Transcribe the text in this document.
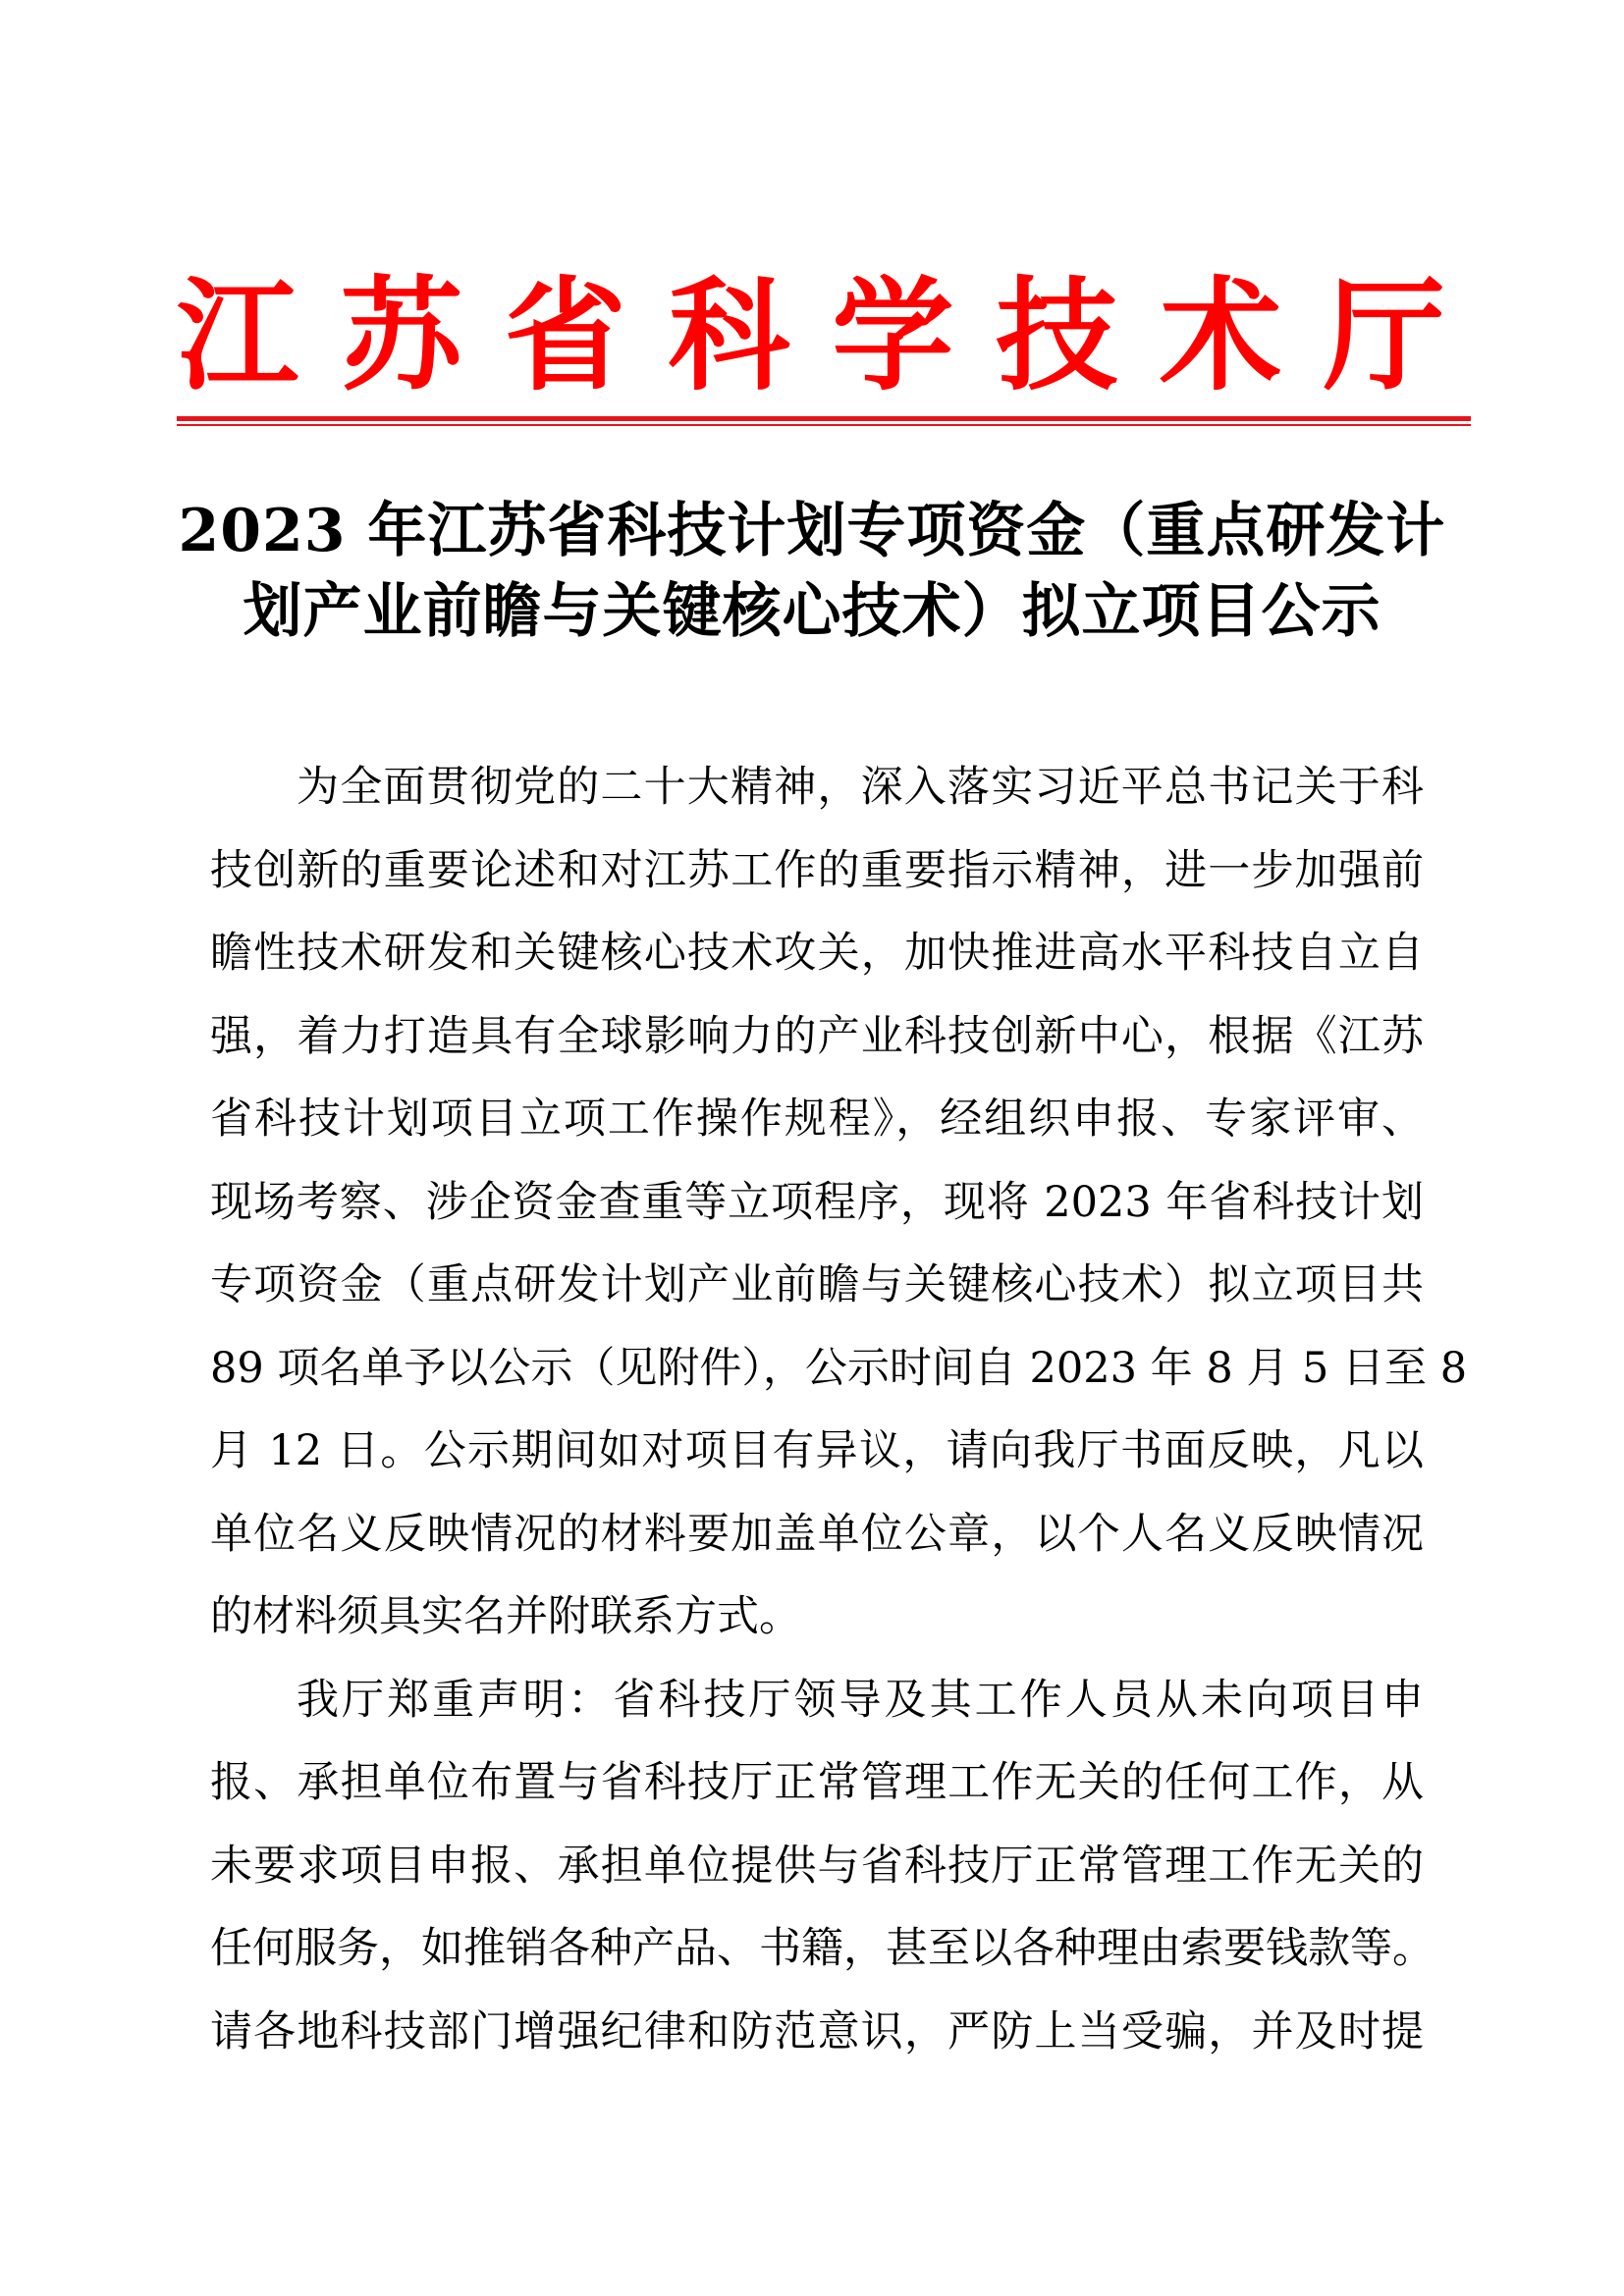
江 苏 省 科 学 技 术 厅
2023 年江苏省科技计划专项资金（重点研发计
划产业前瞻与关键核心技术）拟立项目公示
为全面贯彻党的二十大精神，深入落实习近平总书记关于科
技创新的重要论述和对江苏工作的重要指示精神，进一步加强前
瞻性技术研发和关键核心技术攻关，加快推进高水平科技自立自
强，着力打造具有全球影响力的产业科技创新中心，根据《江苏
省科技计划项目立项工作操作规程》，经组织申报、专家评审、
现场考察、涉企资金查重等立项程序，现将 2023 年省科技计划
专项资金（重点研发计划产业前瞻与关键核心技术）拟立项目共
89 项名单予以公示（见附件），公示时间自 2023 年 8 月 5 日至 8
月 12 日。公示期间如对项目有异议，请向我厅书面反映，凡以
单位名义反映情况的材料要加盖单位公章，以个人名义反映情况
的材料须具实名并附联系方式。
我厅郑重声明：省科技厅领导及其工作人员从未向项目申
报、承担单位布置与省科技厅正常管理工作无关的任何工作，从
未要求项目申报、承担单位提供与省科技厅正常管理工作无关的
任何服务，如推销各种产品、书籍，甚至以各种理由索要钱款等。
请各地科技部门增强纪律和防范意识，严防上当受骗，并及时提
